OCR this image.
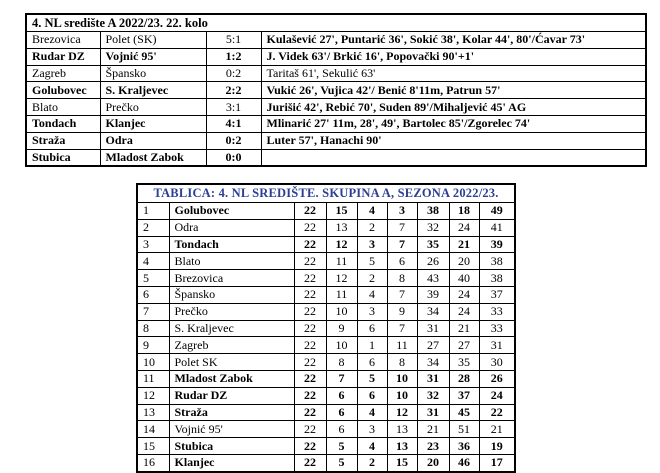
4. NL središte A 2022/23. 22. kolo			
Brezovica	Polet (SK)	5:1	Kulašević 27', Puntarić 36', Sokić 38', Kolar 44', 80'/Ćavar 73'
Rudar DZ	Vojnić 95'	1:2	J. Videk 63'/ Brkić 16', Popovački 90'+1'
Zagreb	Špansko	0:2	Taritaš 61', Sekulić 63'
Golubovec	S. Kraljevec	2:2	Vukić 26', Vujica 42'/ Benić 8'11m, Patrun 57'
Blato	Prečko	3:1	Jurišić 42', Rebić 70', Suden 89'/Mihaljević 45' AG
Tondach	Klanjec	4:1	Mlinarić 27' 11m, 28', 49', Bartolec 85'/Zgorelec 74'
Straža	Odra	0:2	Luter 57', Hanachi 90'
Stubica	Mladost Zabok	0:0	
TABLICA: 4. NL SREDIŠTE. SKUPINA A, SEZONA 2022/23.								
1	Golubovec	22	15	4	3	38	18	49
2	Odra	22	13	2	7	32	24	41
3	Tondach	22	12	3	7	35	21	39
4	Blato	22	11	5	6	26	20	38
5	Brezovica	22	12	2	8	43	40	38
6	Špansko	22	11	4	7	39	24	37
7	Prečko	22	10	3	9	34	24	33
8	S. Kraljevec	22	9	6	7	31	21	33
9	Zagreb	22	10	1	11	27	27	31
10	Polet SK	22	8	6	8	34	35	30
11	Mladost Zabok	22	7	5	10	31	28	26
12	Rudar DZ	22	6	6	10	32	37	24
13	Straža	22	6	4	12	31	45	22
14	Vojnić 95'	22	6	3	13	21	51	21
15	Stubica	22	5	4	13	23	36	19
16	Klanjec	22	5	2	15	20	46	17
